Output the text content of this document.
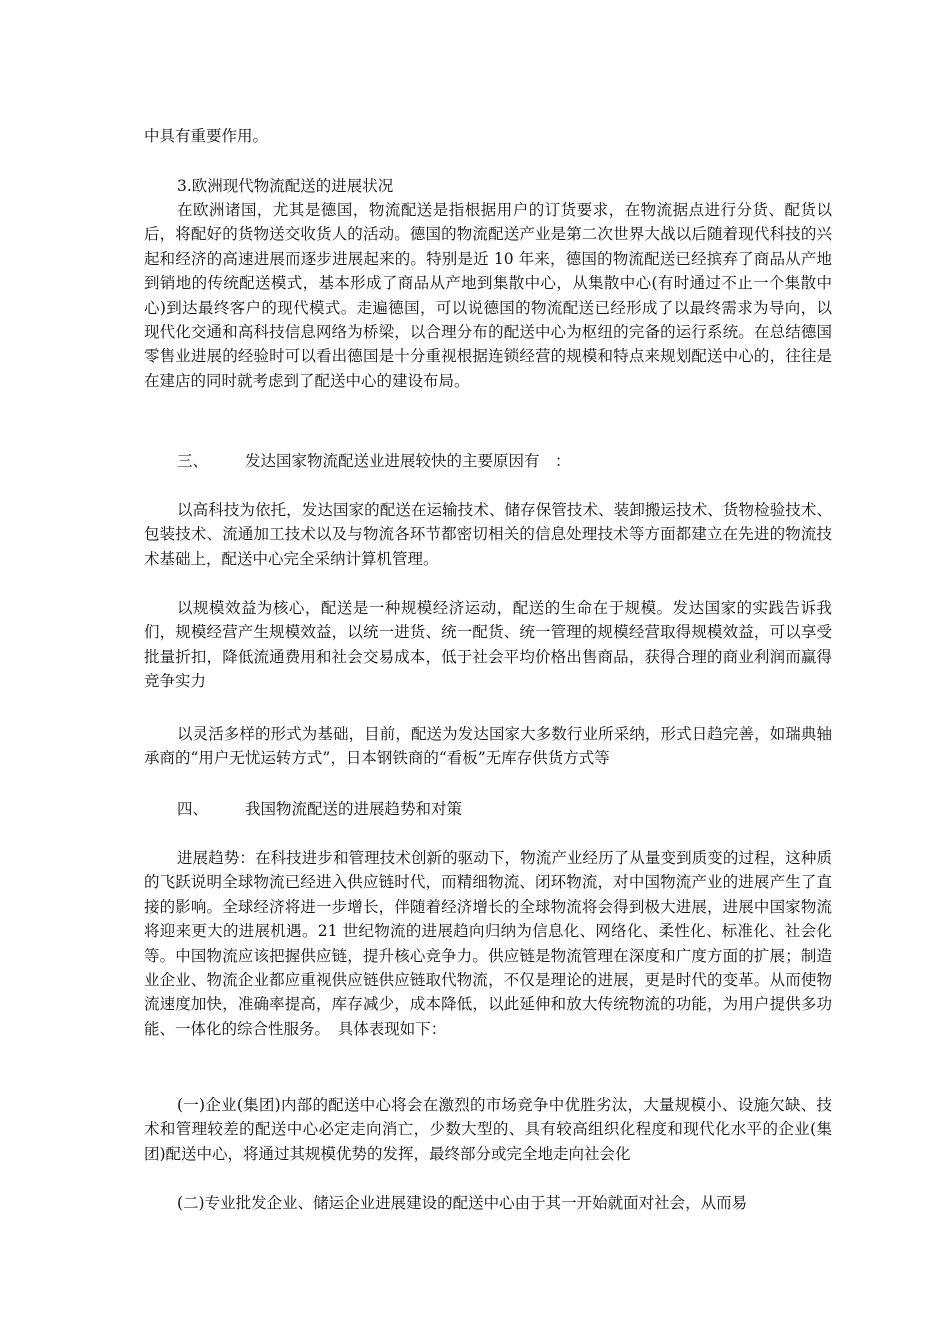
中具有重要作用。

3.欧洲现代物流配送的进展状况

在欧洲诸国，尤其是德国，物流配送是指根据用户的订货要求，在物流据点进行分货、配货以后，将配好的货物送交收货人的活动。德国的物流配送产业是第二次世界大战以后随着现代科技的兴起和经济的高速进展而逐步进展起来的。特别是近 10 年来，德国的物流配送已经摈弃了商品从产地到销地的传统配送模式，基本形成了商品从产地到集散中心，从集散中心(有时通过不止一个集散中心)到达最终客户的现代模式。走遍德国，可以说德国的物流配送已经形成了以最终需求为导向，以现代化交通和高科技信息网络为桥梁，以合理分布的配送中心为枢纽的完备的运行系统。在总结德国零售业进展的经验时可以看出德国是十分重视根据连锁经营的规模和特点来规划配送中心的，往往是在建店的同时就考虑到了配送中心的建设布局。

三、 发达国家物流配送业进展较快的主要原因有　：

以高科技为依托，发达国家的配送在运输技术、储存保管技术、装卸搬运技术、货物检验技术、包装技术、流通加工技术以及与物流各环节都密切相关的信息处理技术等方面都建立在先进的物流技术基础上，配送中心完全采纳计算机管理。

以规模效益为核心，配送是一种规模经济运动，配送的生命在于规模。发达国家的实践告诉我们，规模经营产生规模效益，以统一进货、统一配货、统一管理的规模经营取得规模效益，可以享受批量折扣，降低流通费用和社会交易成本，低于社会平均价格出售商品，获得合理的商业利润而赢得竞争实力

以灵活多样的形式为基础，目前，配送为发达国家大多数行业所采纳，形式日趋完善，如瑞典轴承商的“用户无忧运转方式”，日本钢铁商的“看板”无库存供货方式等

四、 我国物流配送的进展趋势和对策

进展趋势：在科技进步和管理技术创新的驱动下，物流产业经历了从量变到质变的过程，这种质的飞跃说明全球物流已经进入供应链时代，而精细物流、闭环物流，对中国物流产业的进展产生了直接的影响。全球经济将进一步增长，伴随着经济增长的全球物流将会得到极大进展，进展中国家物流将迎来更大的进展机遇。21 世纪物流的进展趋向归纳为信息化、网络化、柔性化、标准化、社会化等。中国物流应该把握供应链，提升核心竞争力。供应链是物流管理在深度和广度方面的扩展；制造业企业、物流企业都应重视供应链供应链取代物流，不仅是理论的进展，更是时代的变革。从而使物流速度加快，准确率提高，库存减少，成本降低，以此延伸和放大传统物流的功能，为用户提供多功能、一体化的综合性服务。　具体表现如下：

(一)企业(集团)内部的配送中心将会在激烈的市场竞争中优胜劣汰，大量规模小、设施欠缺、技术和管理较差的配送中心必定走向消亡，少数大型的、具有较高组织化程度和现代化水平的企业(集团)配送中心，将通过其规模优势的发挥，最终部分或完全地走向社会化

(二)专业批发企业、储运企业进展建设的配送中心由于其一开始就面对社会，从而易
